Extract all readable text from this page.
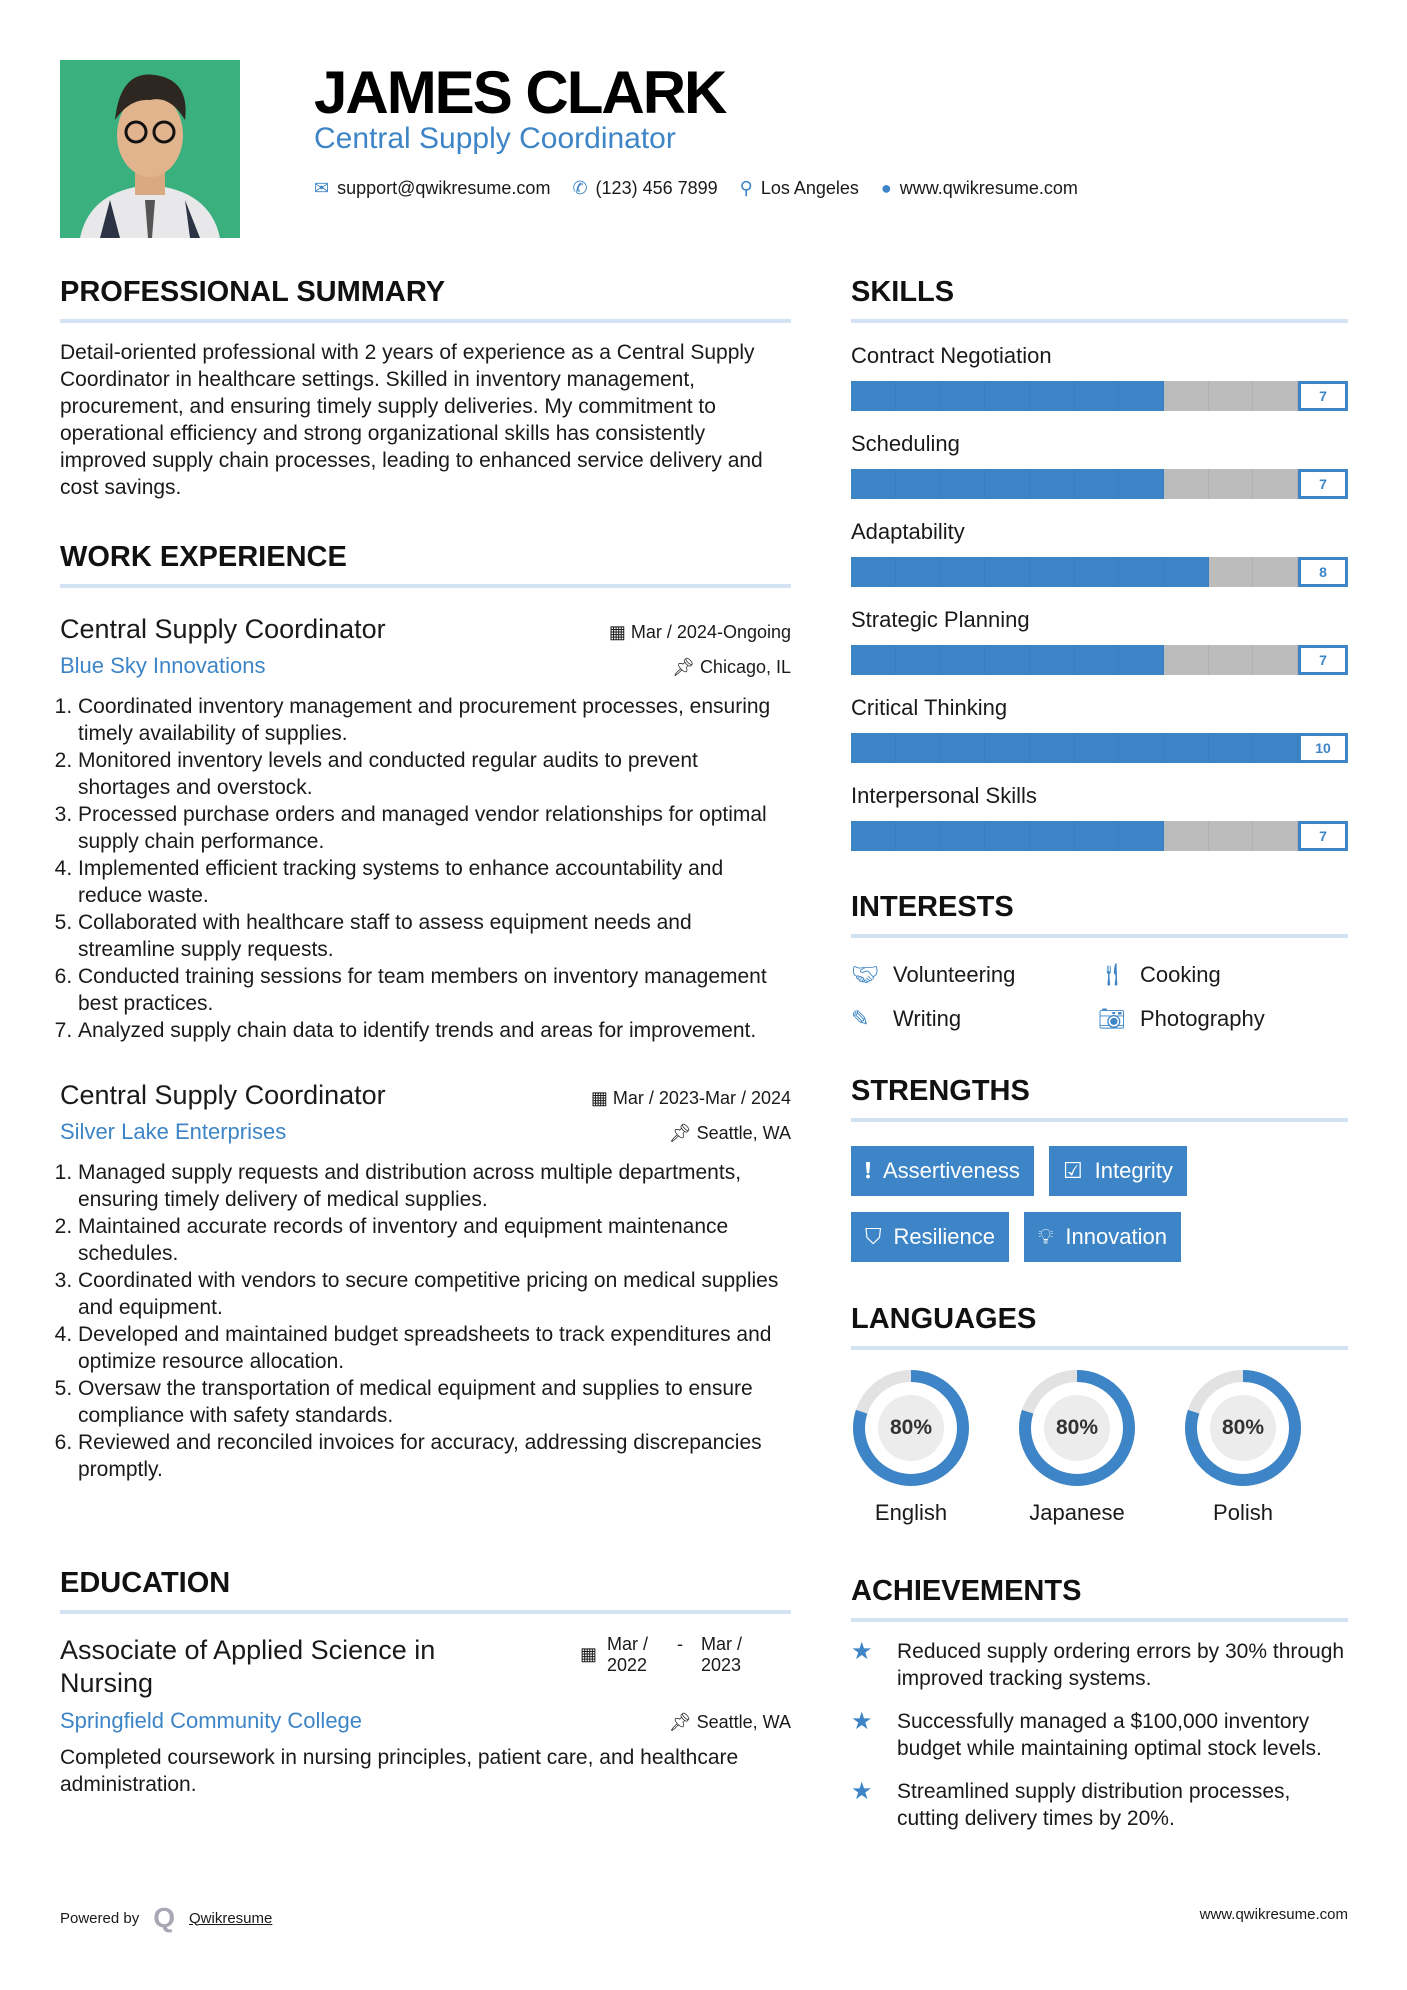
JAMES CLARK
Central Supply Coordinator
✉ support@qwikresume.com ✆ (123) 456 7899 ⚲ Los Angeles ● www.qwikresume.com
PROFESSIONAL SUMMARY

Detail-oriented professional with 2 years of experience as a Central Supply Coordinator in healthcare settings. Skilled in inventory management, procurement, and ensuring timely supply deliveries. My commitment to operational efficiency and strong organizational skills has consistently improved supply chain processes, leading to enhanced service delivery and cost savings.

WORK EXPERIENCE
Central Supply Coordinator	▦ Mar / 2024-Ongoing
Blue Sky Innovations	📌︎ Chicago, IL
1. Coordinated inventory management and procurement processes, ensuring timely availability of supplies.
2. Monitored inventory levels and conducted regular audits to prevent shortages and overstock.
3. Processed purchase orders and managed vendor relationships for optimal supply chain performance.
4. Implemented efficient tracking systems to enhance accountability and reduce waste.
5. Collaborated with healthcare staff to assess equipment needs and streamline supply requests.
6. Conducted training sessions for team members on inventory management best practices.
7. Analyzed supply chain data to identify trends and areas for improvement.
Central Supply Coordinator	▦ Mar / 2023-Mar / 2024
Silver Lake Enterprises	📌︎ Seattle, WA
1. Managed supply requests and distribution across multiple departments, ensuring timely delivery of medical supplies.
2. Maintained accurate records of inventory and equipment maintenance schedules.
3. Coordinated with vendors to secure competitive pricing on medical supplies and equipment.
4. Developed and maintained budget spreadsheets to track expenditures and optimize resource allocation.
5. Oversaw the transportation of medical equipment and supplies to ensure compliance with safety standards.
6. Reviewed and reconciled invoices for accuracy, addressing discrepancies promptly.
EDUCATION
Associate of Applied Science in Nursing
▦ Mar / 2022
-	Mar / 2023
Springfield Community College	📌︎ Seattle, WA

Completed coursework in nursing principles, patient care, and healthcare administration.

SKILLS
Contract Negotiation
7
Scheduling
7
Adaptability
8
Strategic Planning
7
Critical Thinking
10
Interpersonal Skills
7
INTERESTS
🤝︎ Volunteering	🍴︎ Cooking
✎ Writing	📷︎ Photography
STRENGTHS
❗︎ Assertiveness ☑ Integrity
⛉ Resilience 💡︎ Innovation
LANGUAGES
80%
English
80%
Japanese
80%
Polish
ACHIEVEMENTS
★	Reduced supply ordering errors by 30% through improved tracking systems.
★	Successfully managed a $100,000 inventory budget while maintaining optimal stock levels.
★	Streamlined supply distribution processes, cutting delivery times by 20%.
Powered by Q Qwikresume	www.qwikresume.com
